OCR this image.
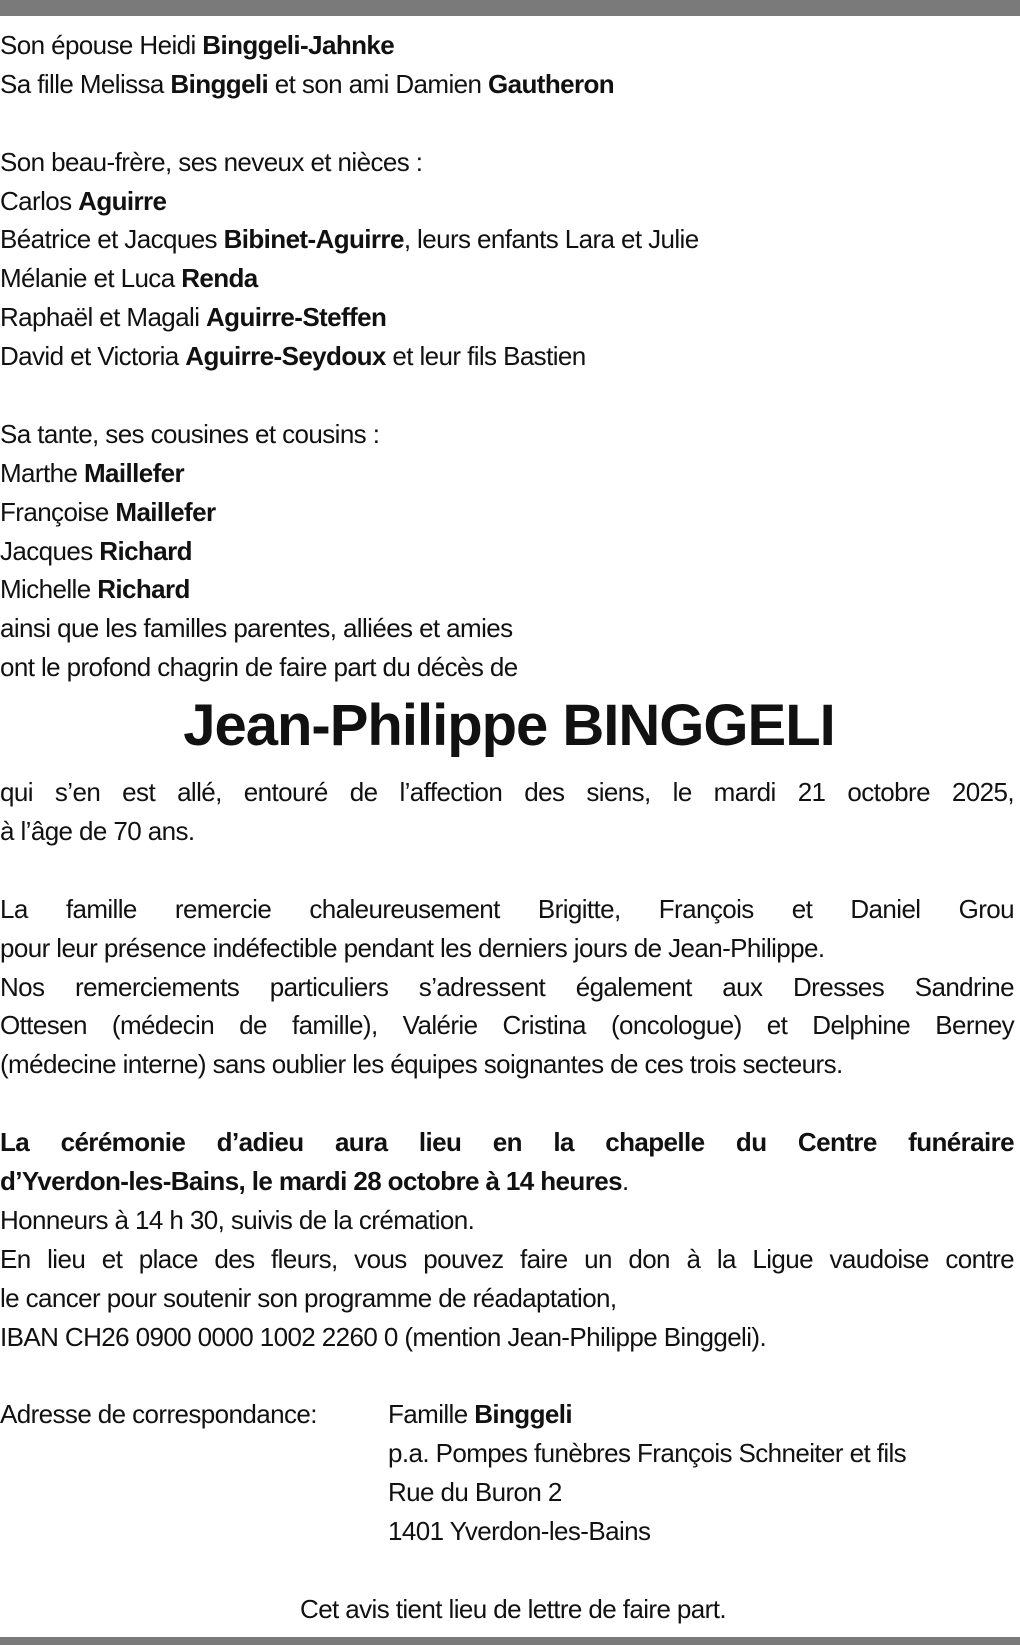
Son épouse Heidi Binggeli-Jahnke
Sa fille Melissa Binggeli et son ami Damien Gautheron
Son beau-frère, ses neveux et nièces :
Carlos Aguirre
Béatrice et Jacques Bibinet-Aguirre, leurs enfants Lara et Julie
Mélanie et Luca Renda
Raphaël et Magali Aguirre-Steffen
David et Victoria Aguirre-Seydoux et leur fils Bastien
Sa tante, ses cousines et cousins :
Marthe Maillefer
Françoise Maillefer
Jacques Richard
Michelle Richard
ainsi que les familles parentes, alliées et amies
ont le profond chagrin de faire part du décès de
Jean-Philippe BINGGELI
qui s’en est allé, entouré de l’affection des siens, le mardi 21 octobre 2025,
à l’âge de 70 ans.
La famille remercie chaleureusement Brigitte, François et Daniel Grou
pour leur présence indéfectible pendant les derniers jours de Jean-Philippe.
Nos remerciements particuliers s’adressent également aux Dresses Sandrine
Ottesen (médecin de famille), Valérie Cristina (oncologue) et Delphine Berney
(médecine interne) sans oublier les équipes soignantes de ces trois secteurs.
La cérémonie d’adieu aura lieu en la chapelle du Centre funéraire
d’Yverdon-les-Bains, le mardi 28 octobre à 14 heures.
Honneurs à 14 h 30, suivis de la crémation.
En lieu et place des fleurs, vous pouvez faire un don à la Ligue vaudoise contre
le cancer pour soutenir son programme de réadaptation,
IBAN CH26 0900 0000 1002 2260 0 (mention Jean-Philippe Binggeli).
Adresse de correspondance:	Famille Binggeli
p.a. Pompes funèbres François Schneiter et fils
Rue du Buron 2
1401 Yverdon-les-Bains
Cet avis tient lieu de lettre de faire part.
